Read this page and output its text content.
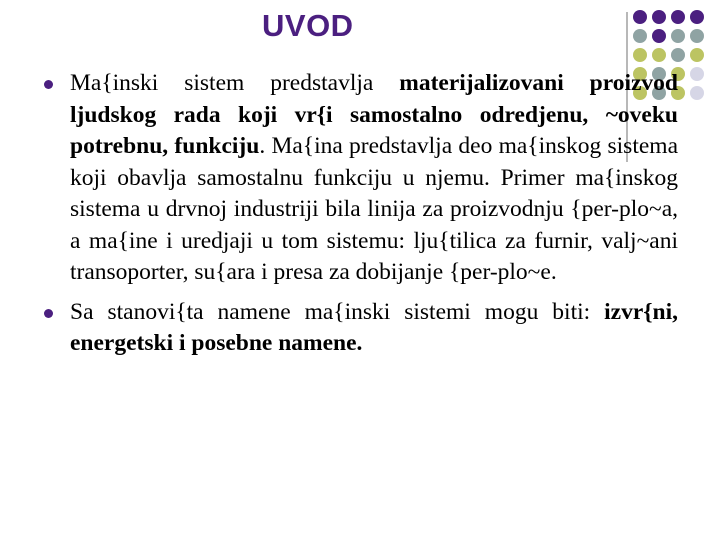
UVOD
Ma{inski sistem predstavlja materijalizovani proizvod ljudskog rada koji vr{i samostalno odredjenu, ~oveku potrebnu, funkciju. Ma{ina predstavlja deo ma{inskog sistema koji obavlja samostalnu funkciju u njemu. Primer ma{inskog sistema u drvnoj industriji bila linija za proizvodnju {per-plo~a, a ma{ine i uredjaji u tom sistemu: lju{tilica za furnir, valj~ani transoporter, su{ara i presa za dobijanje {per-plo~e.
Sa stanovi{ta namene ma{inski sistemi mogu biti: izvr{ni, energetski i posebne namene.
